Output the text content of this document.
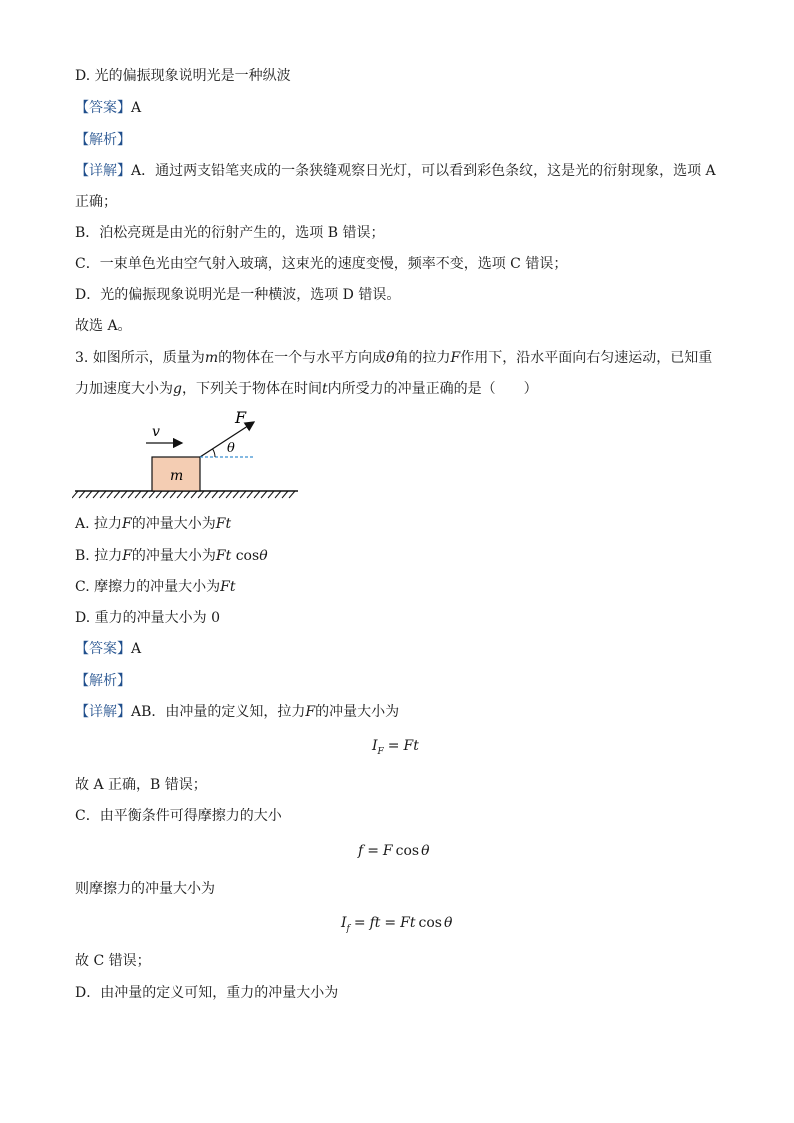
D. 光的偏振现象说明光是一种纵波
【答案】A
【解析】
【详解】A．通过两支铅笔夹成的一条狭缝观察日光灯，可以看到彩色条纹，这是光的衍射现象，选项 A
正确；
B．泊松亮斑是由光的衍射产生的，选项 B 错误；
C．一束单色光由空气射入玻璃，这束光的速度变慢，频率不变，选项 C 错误；
D．光的偏振现象说明光是一种横波，选项 D 错误。
故选 A。
3. 如图所示，质量为m的物体在一个与水平方向成θ角的拉力F作用下，沿水平面向右匀速运动，已知重
力加速度大小为g，下列关于物体在时间t内所受力的冲量正确的是（　　）
m
v
F
θ
A. 拉力F的冲量大小为Ft
B. 拉力F的冲量大小为Ft cosθ
C. 摩擦力的冲量大小为Ft
D. 重力的冲量大小为 0
【答案】A
【解析】
【详解】AB．由冲量的定义知，拉力F的冲量大小为
$I_F = Ft$
故 A 正确，B 错误；
C．由平衡条件可得摩擦力的大小
f = F cos θ
则摩擦力的冲量大小为
$I_f$ = ft = Ft cos θ
故 C 错误；
D．由冲量的定义可知，重力的冲量大小为
